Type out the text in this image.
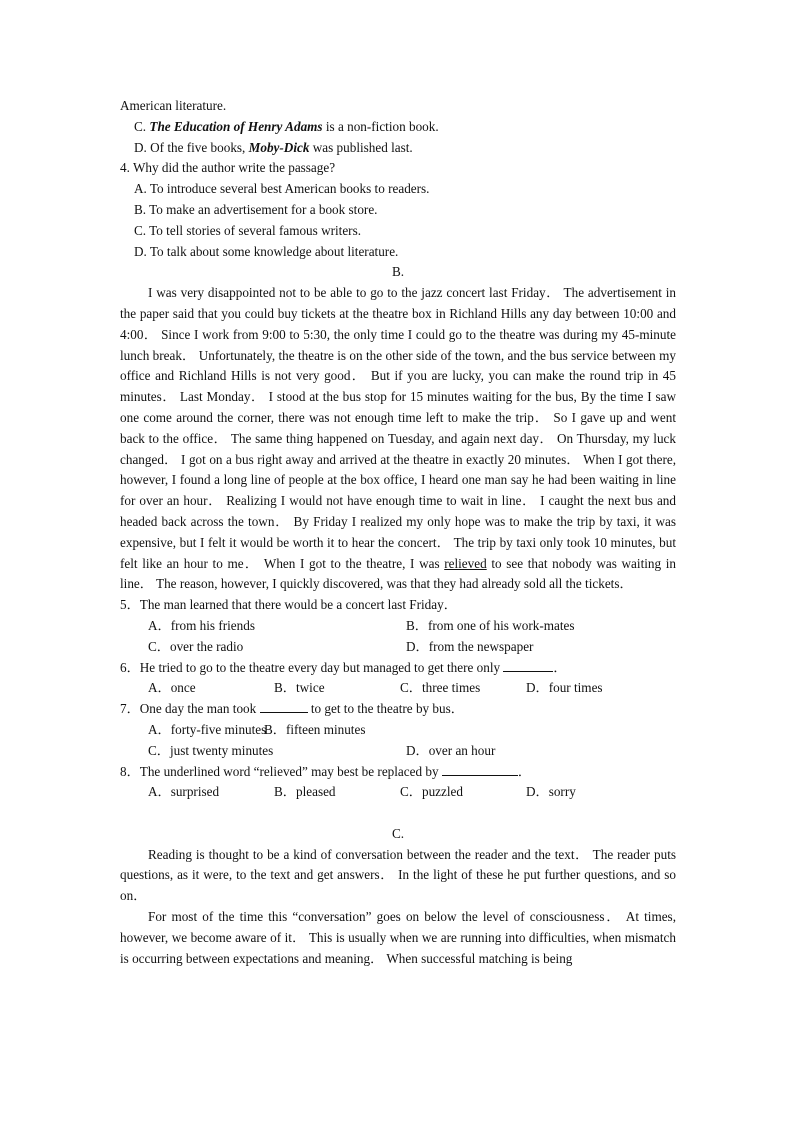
American literature.
C. The Education of Henry Adams is a non-fiction book.
D. Of the five books, Moby-Dick was published last.
4. Why did the author write the passage?
A. To introduce several best American books to readers.
B. To make an advertisement for a book store.
C. To tell stories of several famous writers.
D. To talk about some knowledge about literature.
B.

I was very disappointed not to be able to go to the jazz concert last Friday． The advertisement in the paper said that you could buy tickets at the theatre box in Richland Hills any day between 10:00 and 4:00． Since I work from 9:00 to 5:30, the only time I could go to the theatre was during my 45-minute lunch break． Unfortunately, the theatre is on the other side of the town, and the bus service between my office and Richland Hills is not very good． But if you are lucky, you can make the round trip in 45 minutes． Last Monday． I stood at the bus stop for 15 minutes waiting for the bus, By the time I saw one come around the corner, there was not enough time left to make the trip． So I gave up and went back to the office． The same thing happened on Tuesday, and again next day． On Thursday, my luck changed． I got on a bus right away and arrived at the theatre in exactly 20 minutes． When I got there, however, I found a long line of people at the box office, I heard one man say he had been waiting in line for over an hour． Realizing I would not have enough time to wait in line． I caught the next bus and headed back across the town． By Friday I realized my only hope was to make the trip by taxi, it was expensive, but I felt it would be worth it to hear the concert． The trip by taxi only took 10 minutes, but felt like an hour to me． When I got to the theatre, I was relieved to see that nobody was waiting in line． The reason, however, I quickly discovered, was that they had already sold all the tickets．

5．The man learned that there would be a concert last Friday．
A．from his friends	B．from one of his work-mates
C．over the radio	D．from the newspaper
6．He tried to go to the theatre every day but managed to get there only	．
A．once	B．twice	C．three times	D．four times
7．One day the man took	to get to the theatre by bus．
A．forty-five minutes
B．fifteen minutes
C．just twenty minutes	D．over an hour
8．The underlined word “relieved” may best be replaced by	．
A．surprised	B．pleased	C．puzzled	D．sorry
C.

Reading is thought to be a kind of conversation between the reader and the text． The reader puts questions, as it were, to the text and get answers． In the light of these he put further questions, and so on．

For most of the time this “conversation” goes on below the level of consciousness． At times, however, we become aware of it． This is usually when we are running into difficulties, when mismatch is occurring between expectations and meaning． When successful matching is being
